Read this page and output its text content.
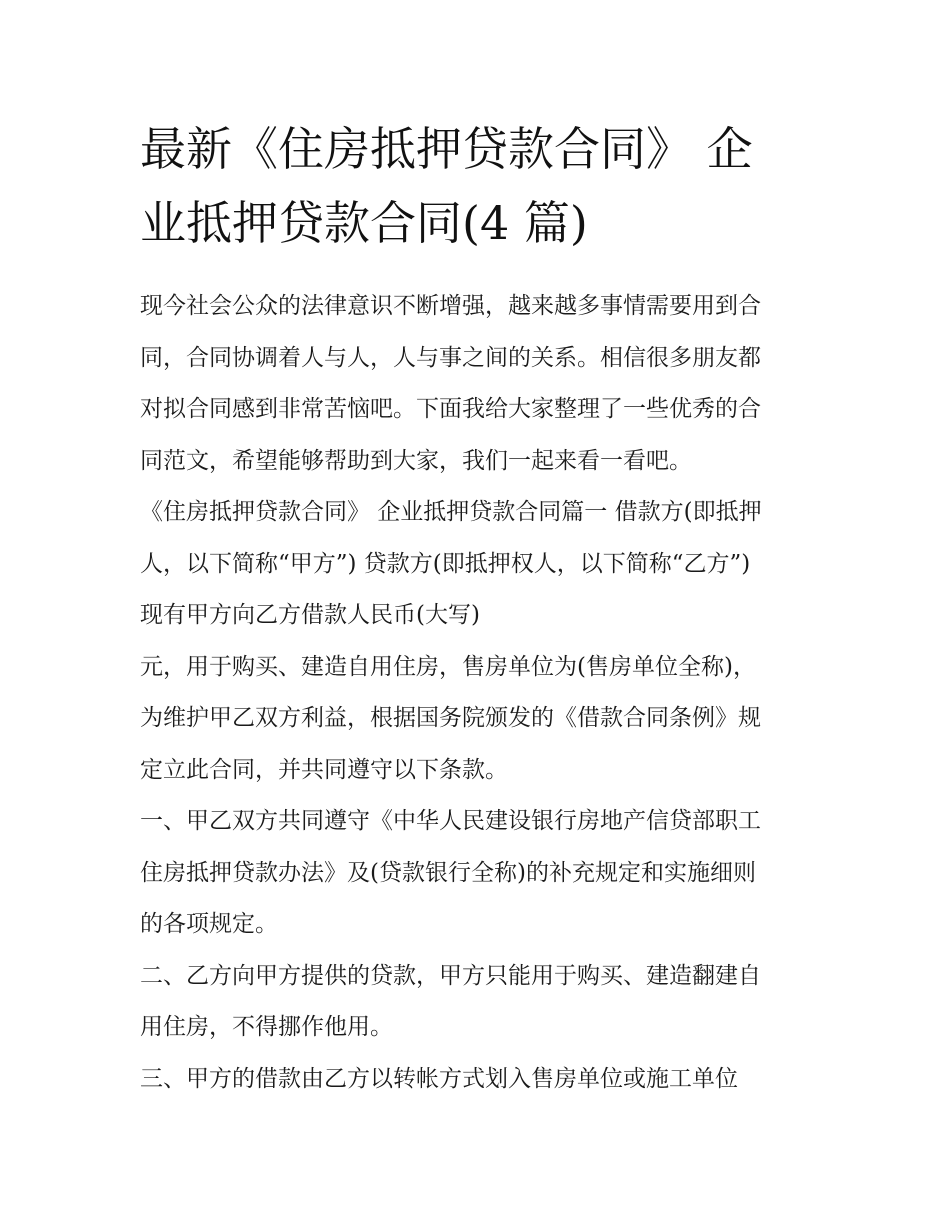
最新《住房抵押贷款合同》 企
业抵押贷款合同(4 篇)
现今社会公众的法律意识不断增强，越来越多事情需要用到合
同，合同协调着人与人，人与事之间的关系。相信很多朋友都
对拟合同感到非常苦恼吧。下面我给大家整理了一些优秀的合
同范文，希望能够帮助到大家，我们一起来看一看吧。
《住房抵押贷款合同》 企业抵押贷款合同篇一 借款方(即抵押
人，以下简称“甲方”) 贷款方(即抵押权人，以下简称“乙方”)
现有甲方向乙方借款人民币(大写)
元，用于购买、建造自用住房，售房单位为(售房单位全称)，
为维护甲乙双方利益，根据国务院颁发的《借款合同条例》规
定立此合同，并共同遵守以下条款。
一、甲乙双方共同遵守《中华人民建设银行房地产信贷部职工
住房抵押贷款办法》及(贷款银行全称)的补充规定和实施细则
的各项规定。
二、乙方向甲方提供的贷款，甲方只能用于购买、建造翻建自
用住房，不得挪作他用。
三、甲方的借款由乙方以转帐方式划入售房单位或施工单位
